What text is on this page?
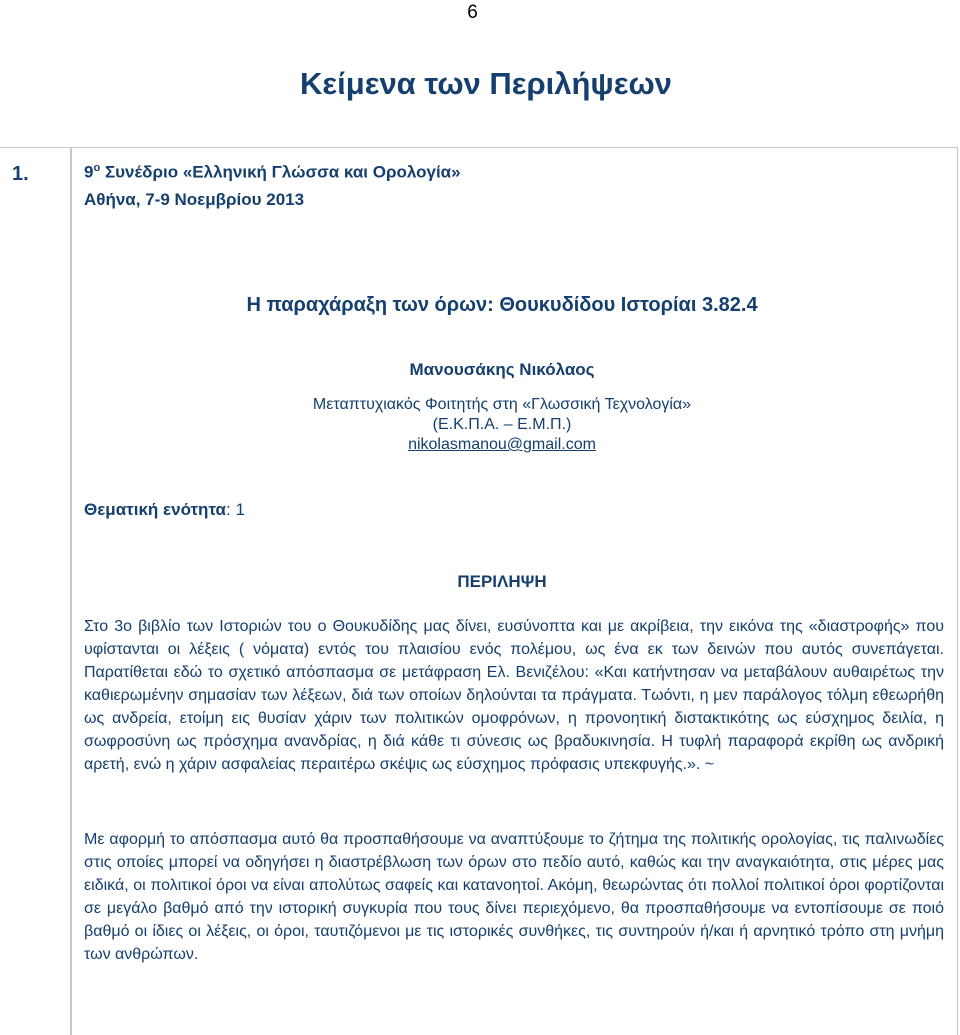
6
Κείμενα των Περιλήψεων
1.	$9^o$ Συνέδριο «Ελληνική Γλώσσα και Ορολογία»
Αθήνα, 7-9 Νοεμβρίου 2013
Η παραχάραξη των όρων: Θουκυδίδου Ιστορίαι 3.82.4
Μανουσάκης Νικόλαος
Μεταπτυχιακός Φοιτητής στη «Γλωσσική Τεχνολογία»
(Ε.Κ.Π.Α. – Ε.Μ.Π.)
nikolasmanou@gmail.com
Θεματική ενότητα: 1
ΠΕΡΙΛΗΨΗ
Στο 3ο βιβλίο των Ιστοριών του ο Θουκυδίδης μας δίνει, ευσύνοπτα και με ακρίβεια, την εικόνα της «διαστροφής» που υφίστανται οι λέξεις ( νόματα) εντός του πλαισίου ενός πολέμου, ως ένα εκ των δεινών που αυτός συνεπάγεται. Παρατίθεται εδώ το σχετικό απόσπασμα σε μετάφραση Ελ. Βενιζέλου: «Και κατήντησαν να μεταβάλουν αυθαιρέτως την καθιερωμένην σημασίαν των λέξεων, διά των οποίων δηλούνται τα πράγματα. Τωόντι, η μεν παράλογος τόλμη εθεωρήθη ως ανδρεία, ετοίμη εις θυσίαν χάριν των πολιτικών ομοφρόνων, η προνοητική διστακτικότης ως εύσχημος δειλία, η σωφροσύνη ως πρόσχημα ανανδρίας, η διά κάθε τι σύνεσις ως βραδυκινησία. Η τυφλή παραφορά εκρίθη ως ανδρική αρετή, ενώ η χάριν ασφαλείας περαιτέρω σκέψις ως εύσχημος πρόφασις υπεκφυγής.». ~
Με αφορμή το απόσπασμα αυτό θα προσπαθήσουμε να αναπτύξουμε το ζήτημα της πολιτικής ορολογίας, τις παλινωδίες στις οποίες μπορεί να οδηγήσει η διαστρέβλωση των όρων στο πεδίο αυτό, καθώς και την αναγκαιότητα, στις μέρες μας ειδικά, οι πολιτικοί όροι να είναι απολύτως σαφείς και κατανοητοί. Ακόμη, θεωρώντας ότι πολλοί πολιτικοί όροι φορτίζονται σε μεγάλο βαθμό από την ιστορική συγκυρία που τους δίνει περιεχόμενο, θα προσπαθήσουμε να εντοπίσουμε σε ποιό βαθμό οι ίδιες οι λέξεις, οι όροι, ταυτιζόμενοι με τις ιστορικές συνθήκες, τις συντηρούν ή/και ή αρνητικό τρόπο στη μνήμη των ανθρώπων.
